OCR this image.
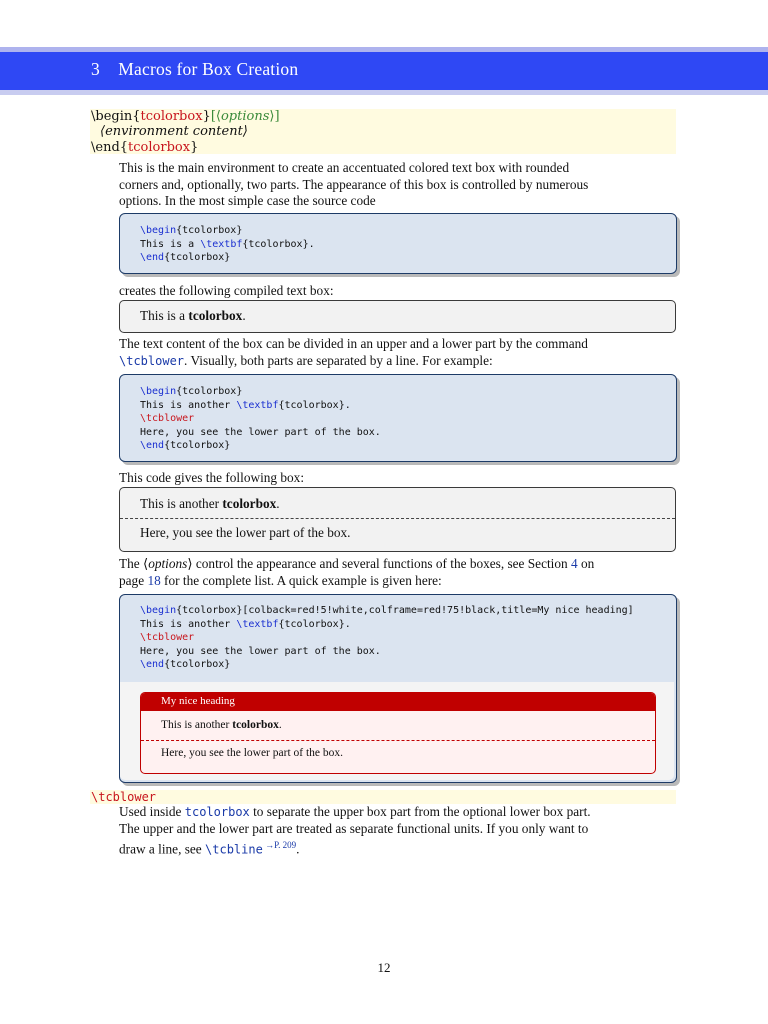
3 Macros for Box Creation
\begin{tcolorbox}[⟨options⟩]
⟨environment content⟩
\end{tcolorbox}
This is the main environment to create an accentuated colored text box with rounded
corners and, optionally, two parts. The appearance of this box is controlled by numerous
options. In the most simple case the source code
\begin{tcolorbox}
This is a \textbf{tcolorbox}.
\end{tcolorbox}
creates the following compiled text box:
This is a tcolorbox.
The text content of the box can be divided in an upper and a lower part by the command
\tcblower. Visually, both parts are separated by a line. For example:
\begin{tcolorbox}
This is another \textbf{tcolorbox}.
\tcblower
Here, you see the lower part of the box.
\end{tcolorbox}
This code gives the following box:
This is another tcolorbox.
Here, you see the lower part of the box.
The ⟨options⟩ control the appearance and several functions of the boxes, see Section 4 on
page 18 for the complete list. A quick example is given here:
\begin{tcolorbox}[colback=red!5!white,colframe=red!75!black,title=My nice heading]
This is another \textbf{tcolorbox}.
\tcblower
Here, you see the lower part of the box.
\end{tcolorbox}
My nice heading
This is another tcolorbox.
Here, you see the lower part of the box.
\tcblower
Used inside tcolorbox to separate the upper box part from the optional lower box part.
The upper and the lower part are treated as separate functional units. If you only want to
draw a line, see \tcbline $^{\to P. 209}$.
12
